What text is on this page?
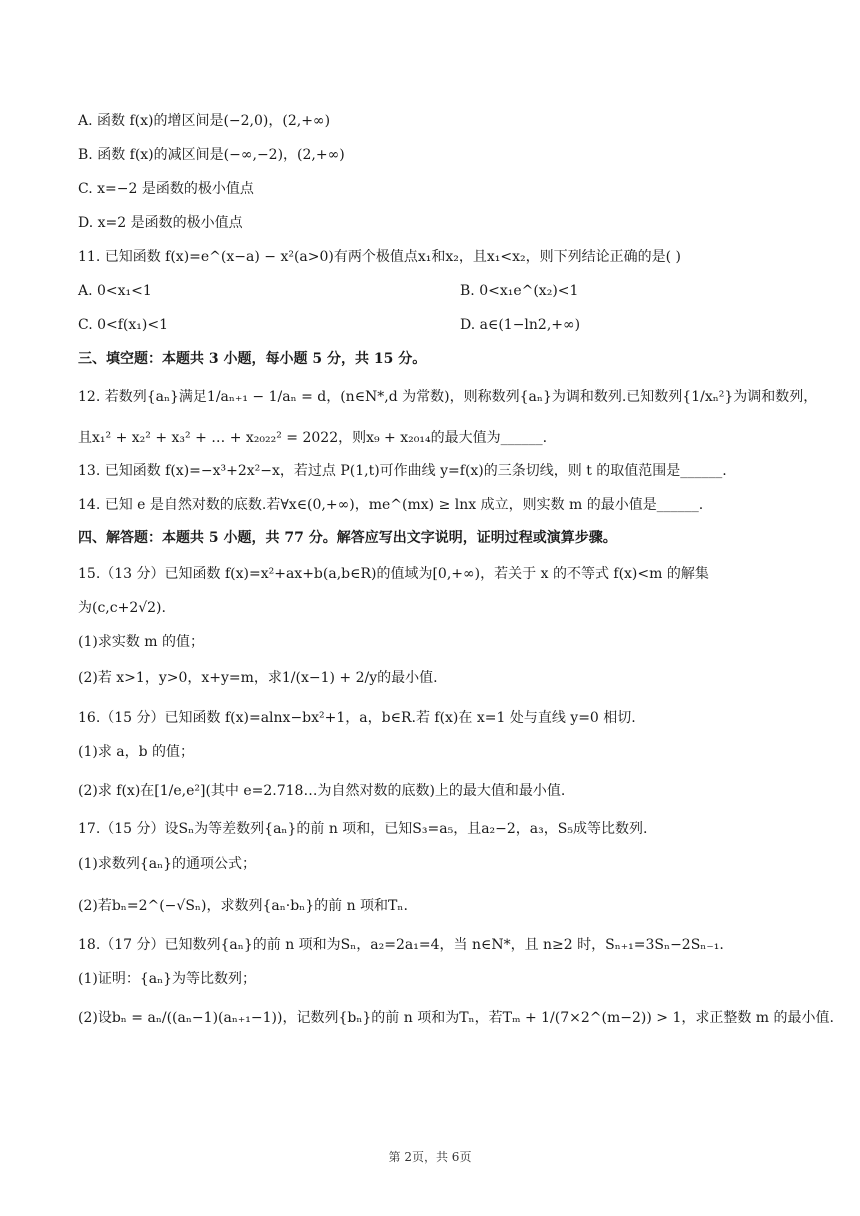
A. 函数 f(x)的增区间是(−2,0)，(2,+∞)
B. 函数 f(x)的减区间是(−∞,−2)，(2,+∞)
C. x=−2 是函数的极小值点
D. x=2 是函数的极小值点
11. 已知函数 f(x)=e^(x−a) − x²(a>0)有两个极值点x₁和x₂，且x₁<x₂，则下列结论正确的是( )
A. 0<x₁<1	B. 0<x₁e^(x₂)<1
C. 0<f(x₁)<1	D. a∈(1−ln2,+∞)
三、填空题：本题共 3 小题，每小题 5 分，共 15 分。
12. 若数列{aₙ}满足1/aₙ₊₁ − 1/aₙ = d，(n∈N*,d 为常数)，则称数列{aₙ}为调和数列.已知数列{1/xₙ²}为调和数列，
且x₁² + x₂² + x₃² + … + x₂₀₂₂² = 2022，则x₉ + x₂₀₁₄的最大值为______.
13. 已知函数 f(x)=−x³+2x²−x，若过点 P(1,t)可作曲线 y=f(x)的三条切线，则 t 的取值范围是______.
14. 已知 e 是自然对数的底数.若∀x∈(0,+∞)，me^(mx) ≥ lnx 成立，则实数 m 的最小值是______.
四、解答题：本题共 5 小题，共 77 分。解答应写出文字说明，证明过程或演算步骤。
15.（13 分）已知函数 f(x)=x²+ax+b(a,b∈R)的值域为[0,+∞)，若关于 x 的不等式 f(x)<m 的解集
为(c,c+2√2).
(1)求实数 m 的值；
(2)若 x>1，y>0，x+y=m，求1/(x−1) + 2/y的最小值.
16.（15 分）已知函数 f(x)=alnx−bx²+1，a，b∈R.若 f(x)在 x=1 处与直线 y=0 相切.
(1)求 a，b 的值；
(2)求 f(x)在[1/e,e²](其中 e=2.718…为自然对数的底数)上的最大值和最小值.
17.（15 分）设Sₙ为等差数列{aₙ}的前 n 项和，已知S₃=a₅，且a₂−2，a₃，S₅成等比数列.
(1)求数列{aₙ}的通项公式；
(2)若bₙ=2^(−√Sₙ)，求数列{aₙ·bₙ}的前 n 项和Tₙ.
18.（17 分）已知数列{aₙ}的前 n 项和为Sₙ，a₂=2a₁=4，当 n∈N*，且 n≥2 时，Sₙ₊₁=3Sₙ−2Sₙ₋₁.
(1)证明：{aₙ}为等比数列；
(2)设bₙ = aₙ/((aₙ−1)(aₙ₊₁−1))，记数列{bₙ}的前 n 项和为Tₙ，若Tₘ + 1/(7×2^(m−2)) > 1，求正整数 m 的最小值.
第 2页，共 6页
